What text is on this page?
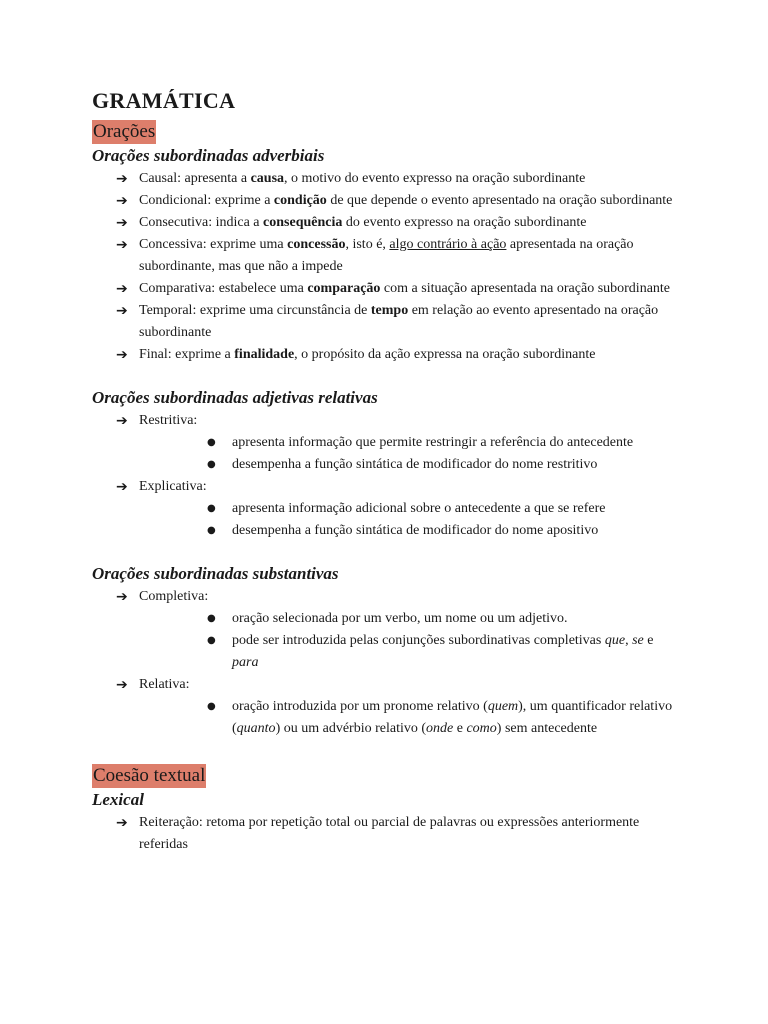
GRAMÁTICA
Orações
Orações subordinadas adverbiais
➔ Causal: apresenta a causa, o motivo do evento expresso na oração subordinante
➔ Condicional: exprime a condição de que depende o evento apresentado na oração subordinante
➔ Consecutiva: indica a consequência do evento expresso na oração subordinante
➔ Concessiva: exprime uma concessão, isto é, algo contrário à ação apresentada na oração subordinante, mas que não a impede
➔ Comparativa: estabelece uma comparação com a situação apresentada na oração subordinante
➔ Temporal: exprime uma circunstância de tempo em relação ao evento apresentado na oração subordinante
➔ Final: exprime a finalidade, o propósito da ação expressa na oração subordinante
Orações subordinadas adjetivas relativas
➔ Restritiva:
● apresenta informação que permite restringir a referência do antecedente
● desempenha a função sintática de modificador do nome restritivo
➔ Explicativa:
● apresenta informação adicional sobre o antecedente a que se refere
● desempenha a função sintática de modificador do nome apositivo
Orações subordinadas substantivas
➔ Completiva:
● oração selecionada por um verbo, um nome ou um adjetivo.
● pode ser introduzida pelas conjunções subordinativas completivas que, se e para
➔ Relativa:
● oração introduzida por um pronome relativo (quem), um quantificador relativo (quanto) ou um advérbio relativo (onde e como) sem antecedente
Coesão textual
Lexical
➔ Reiteração: retoma por repetição total ou parcial de palavras ou expressões anteriormente referidas
